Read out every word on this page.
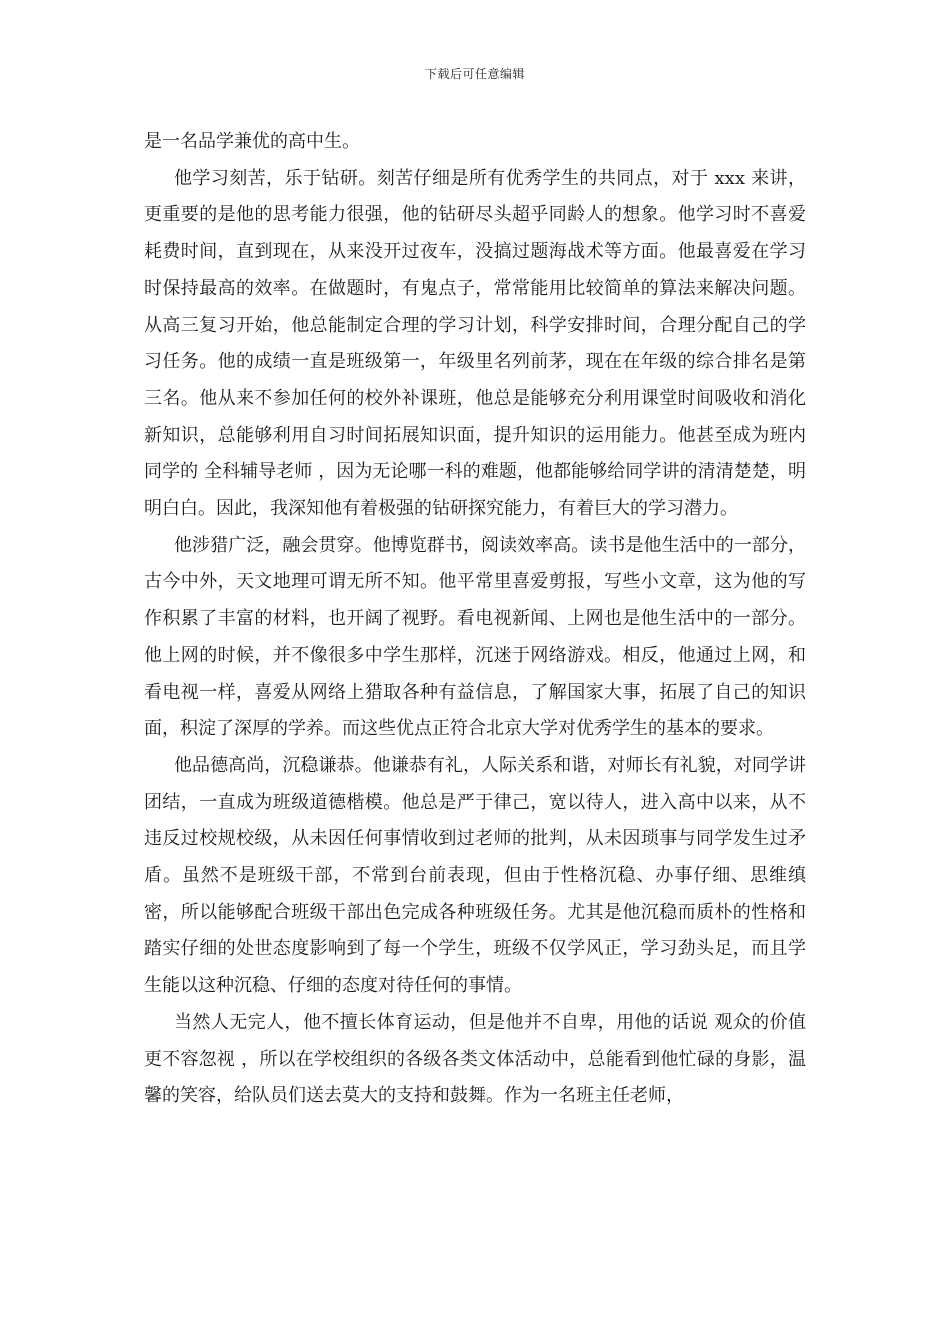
下载后可任意编辑

是一名品学兼优的高中生。

他学习刻苦，乐于钻研。刻苦仔细是所有优秀学生的共同点，对于 xxx 来讲，更重要的是他的思考能力很强，他的钻研尽头超乎同龄人的想象。他学习时不喜爱耗费时间，直到现在，从来没开过夜车，没搞过题海战术等方面。他最喜爱在学习时保持最高的效率。在做题时，有鬼点子，常常能用比较简单的算法来解决问题。从高三复习开始，他总能制定合理的学习计划，科学安排时间，合理分配自己的学习任务。他的成绩一直是班级第一，年级里名列前茅，现在在年级的综合排名是第三名。他从来不参加任何的校外补课班，他总是能够充分利用课堂时间吸收和消化新知识，总能够利用自习时间拓展知识面，提升知识的运用能力。他甚至成为班内同学的 全科辅导老师 ，因为无论哪一科的难题，他都能够给同学讲的清清楚楚，明明白白。因此，我深知他有着极强的钻研探究能力，有着巨大的学习潜力。

他涉猎广泛，融会贯穿。他博览群书，阅读效率高。读书是他生活中的一部分，古今中外，天文地理可谓无所不知。他平常里喜爱剪报，写些小文章，这为他的写作积累了丰富的材料，也开阔了视野。看电视新闻、上网也是他生活中的一部分。他上网的时候，并不像很多中学生那样，沉迷于网络游戏。相反，他通过上网，和看电视一样，喜爱从网络上猎取各种有益信息，了解国家大事，拓展了自己的知识面，积淀了深厚的学养。而这些优点正符合北京大学对优秀学生的基本的要求。

他品德高尚，沉稳谦恭。他谦恭有礼，人际关系和谐，对师长有礼貌，对同学讲团结，一直成为班级道德楷模。他总是严于律己，宽以待人，进入高中以来，从不违反过校规校级，从未因任何事情收到过老师的批判，从未因琐事与同学发生过矛盾。虽然不是班级干部，不常到台前表现，但由于性格沉稳、办事仔细、思维缜密，所以能够配合班级干部出色完成各种班级任务。尤其是他沉稳而质朴的性格和踏实仔细的处世态度影响到了每一个学生，班级不仅学风正，学习劲头足，而且学生能以这种沉稳、仔细的态度对待任何的事情。

当然人无完人，他不擅长体育运动，但是他并不自卑，用他的话说 观众的价值更不容忽视 ，所以在学校组织的各级各类文体活动中，总能看到他忙碌的身影，温馨的笑容，给队员们送去莫大的支持和鼓舞。作为一名班主任老师，
